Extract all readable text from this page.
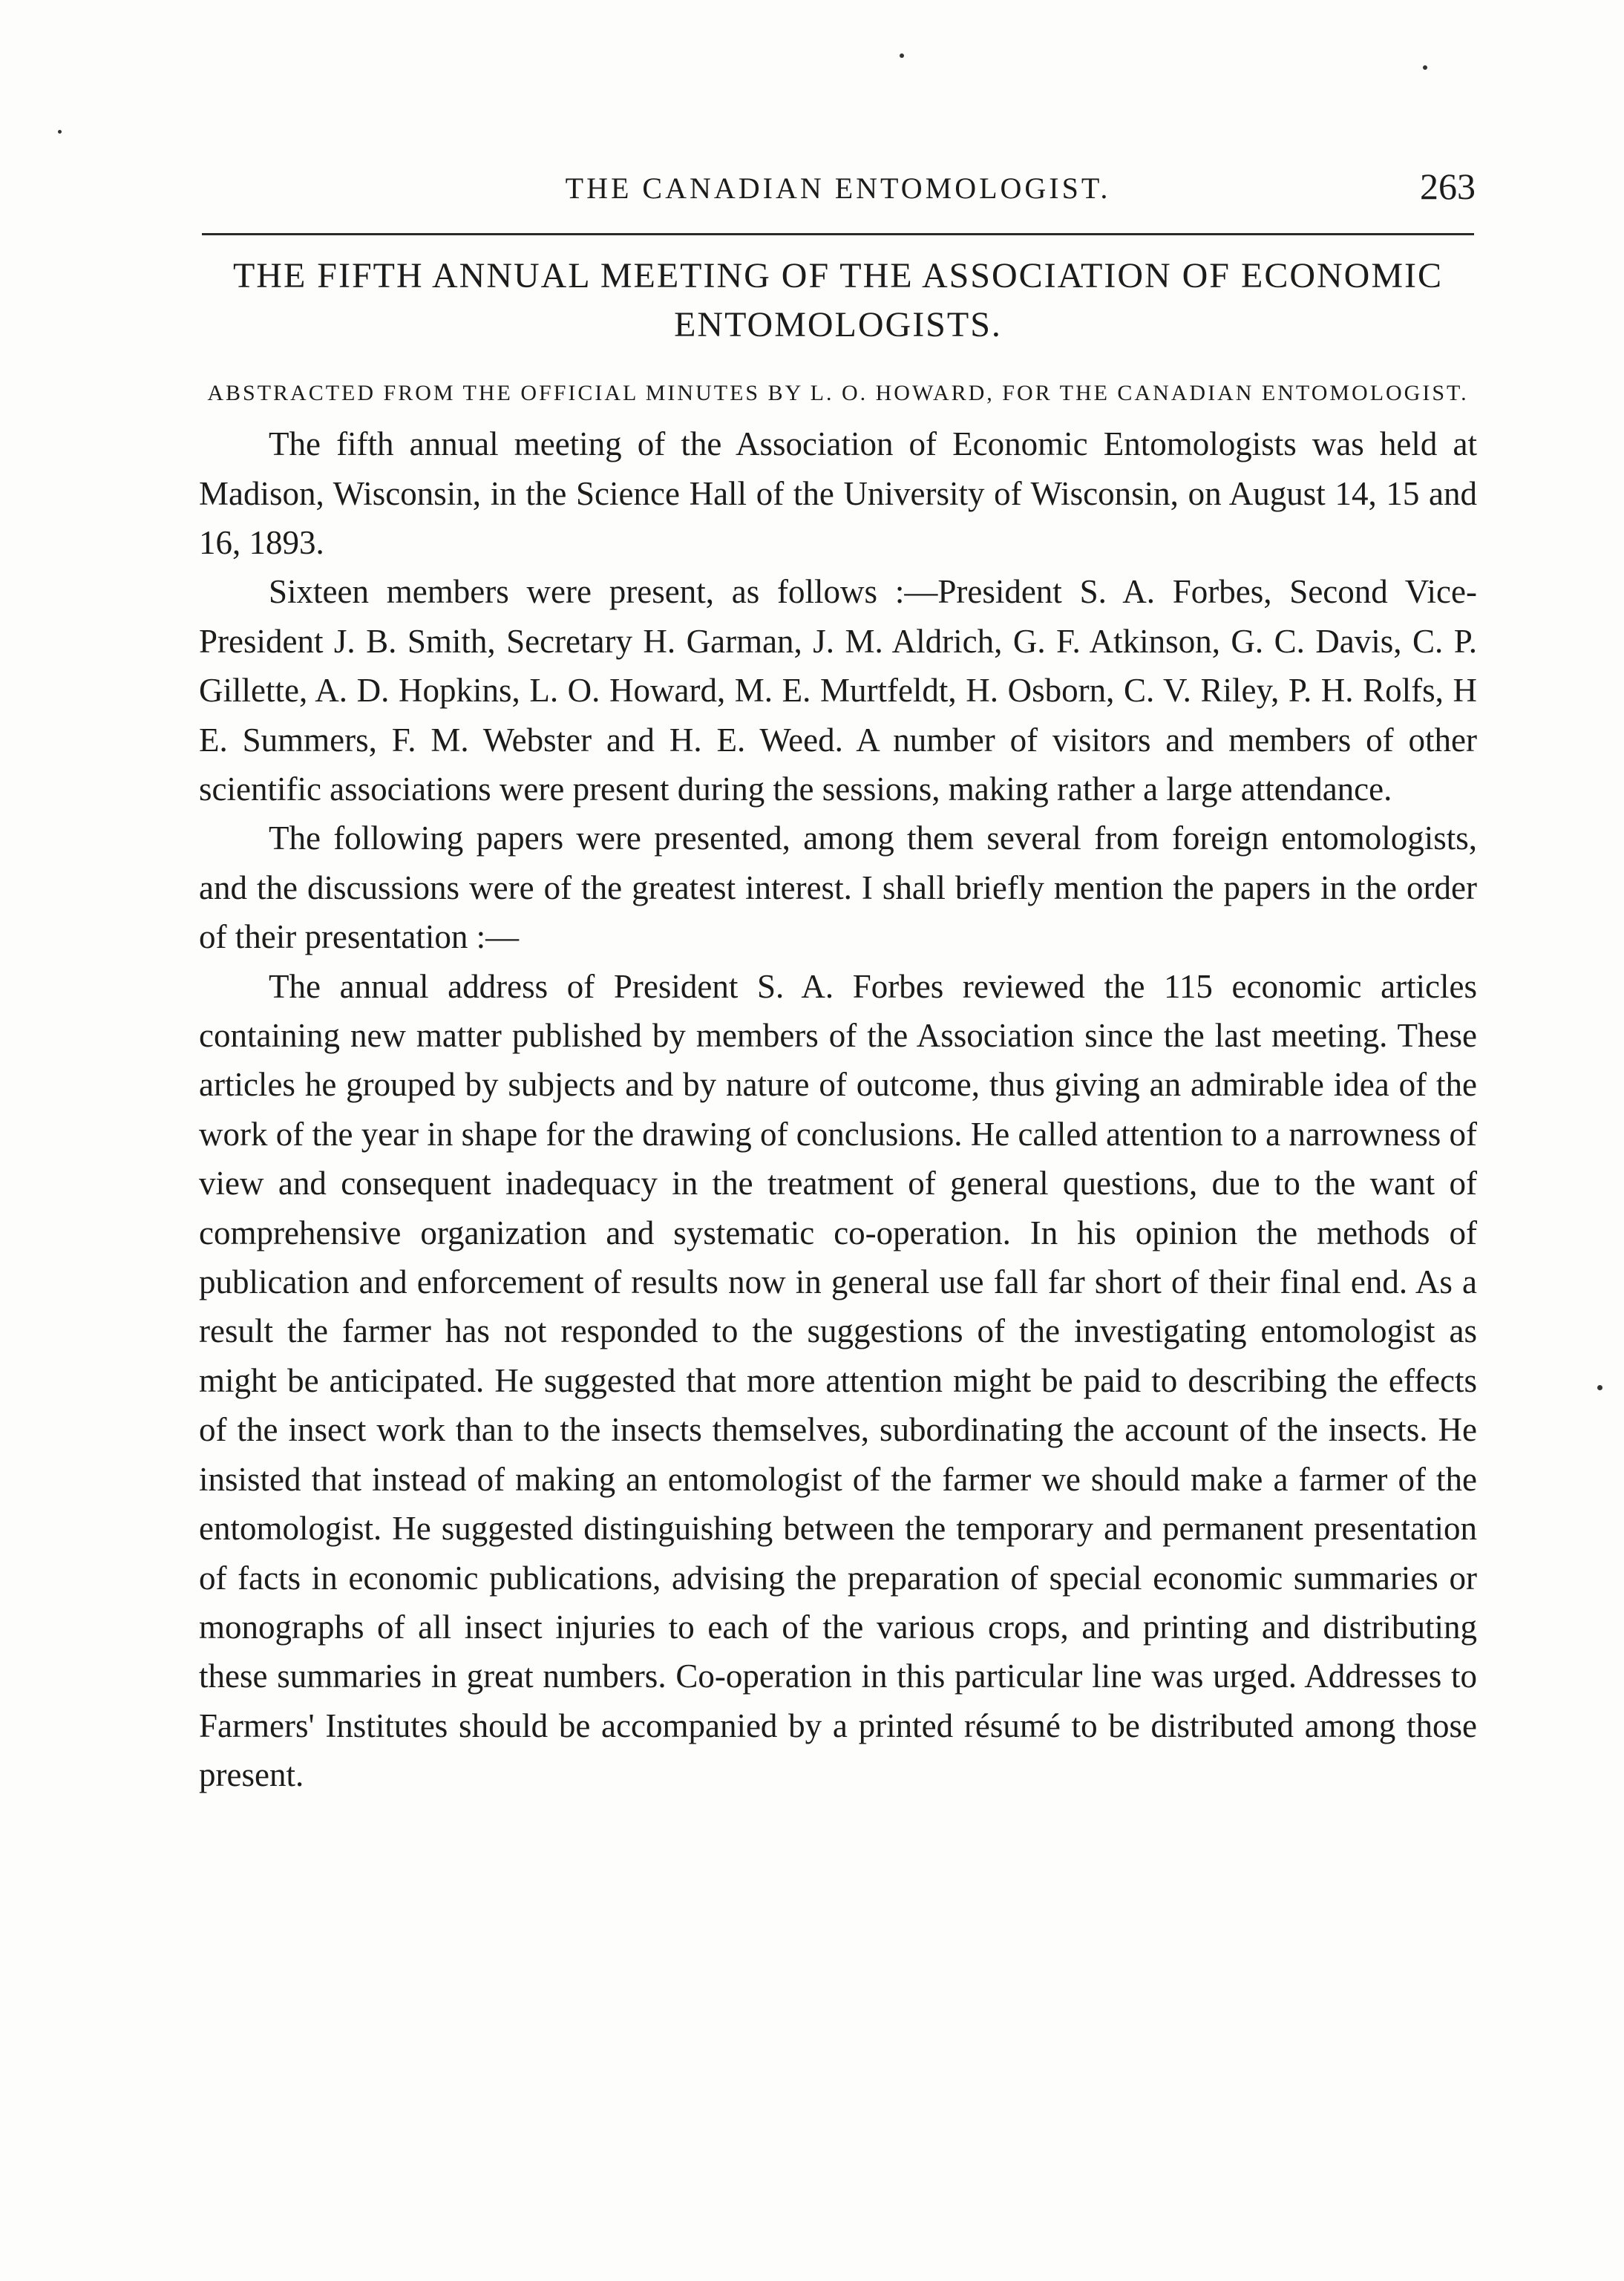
THE CANADIAN ENTOMOLOGIST.	263
THE FIFTH ANNUAL MEETING OF THE ASSOCIATION OF ECONOMIC ENTOMOLOGISTS.
ABSTRACTED FROM THE OFFICIAL MINUTES BY L. O. HOWARD, FOR THE CANADIAN ENTOMOLOGIST.

The fifth annual meeting of the Association of Economic Entomologists was held at Madison, Wisconsin, in the Science Hall of the University of Wisconsin, on August 14, 15 and 16, 1893.

Sixteen members were present, as follows :—President S. A. Forbes, Second Vice-President J. B. Smith, Secretary H. Garman, J. M. Aldrich, G. F. Atkinson, G. C. Davis, C. P. Gillette, A. D. Hopkins, L. O. Howard, M. E. Murtfeldt, H. Osborn, C. V. Riley, P. H. Rolfs, H E. Summers, F. M. Webster and H. E. Weed. A number of visitors and members of other scientific associations were present during the sessions, making rather a large attendance.

The following papers were presented, among them several from foreign entomologists, and the discussions were of the greatest interest. I shall briefly mention the papers in the order of their presentation :—

The annual address of President S. A. Forbes reviewed the 115 economic articles containing new matter published by members of the Association since the last meeting. These articles he grouped by subjects and by nature of outcome, thus giving an admirable idea of the work of the year in shape for the drawing of conclusions. He called attention to a narrowness of view and consequent inadequacy in the treatment of general questions, due to the want of comprehensive organization and systematic co-operation. In his opinion the methods of publication and enforcement of results now in general use fall far short of their final end. As a result the farmer has not responded to the suggestions of the investigating entomologist as might be anticipated. He suggested that more attention might be paid to describing the effects of the insect work than to the insects themselves, subordinating the account of the insects. He insisted that instead of making an entomologist of the farmer we should make a farmer of the entomologist. He suggested distinguishing between the temporary and permanent presentation of facts in economic publications, advising the preparation of special economic summaries or monographs of all insect injuries to each of the various crops, and printing and distributing these summaries in great numbers. Co-operation in this particular line was urged. Addresses to Farmers' Institutes should be accompanied by a printed résumé to be distributed among those present.
